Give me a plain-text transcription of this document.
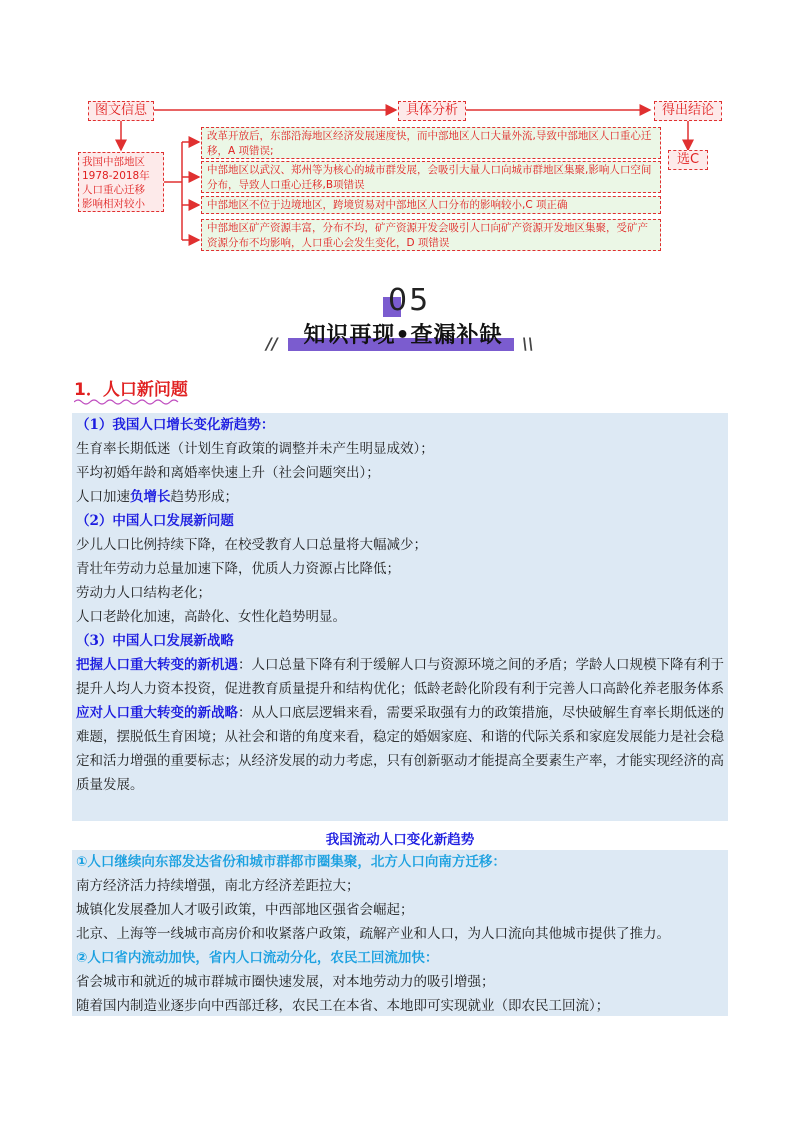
图文信息	具体分析	得出结论
我国中部地区
1978-2018年
人口重心迁移
影响相对较小
改革开放后，东部沿海地区经济发展速度快，而中部地区人口大量外流,导致中部地区人口重心迁移，A 项错误;
中部地区以武汉、郑州等为核心的城市群发展，会吸引大量人口向城市群地区集聚,影响人口空间分布，导致人口重心迁移,B项错误
中部地区不位于边境地区，跨境贸易对中部地区人口分布的影响较小,C 项正确
中部地区矿产资源丰富，分布不均，矿产资源开发会吸引人口向矿产资源开发地区集聚，受矿产资源分布不均影响，人口重心会发生变化，D 项错误
选C
05
//	\\
知识再现•查漏补缺
1．人口新问题
（1）我国人口增长变化新趋势：
生育率长期低迷（计划生育政策的调整并未产生明显成效）；
平均初婚年龄和离婚率快速上升（社会问题突出）；
人口加速负增长趋势形成；
（2）中国人口发展新问题
少儿人口比例持续下降，在校受教育人口总量将大幅减少；
青壮年劳动力总量加速下降，优质人力资源占比降低；
劳动力人口结构老化；
人口老龄化加速，高龄化、女性化趋势明显。
（3）中国人口发展新战略
把握人口重大转变的新机遇：人口总量下降有利于缓解人口与资源环境之间的矛盾；学龄人口规模下降有利于提升人均人力资本投资，促进教育质量提升和结构优化；低龄老龄化阶段有利于完善人口高龄化养老服务体系
应对人口重大转变的新战略：从人口底层逻辑来看，需要采取强有力的政策措施，尽快破解生育率长期低迷的难题，摆脱低生育困境；从社会和谐的角度来看，稳定的婚姻家庭、和谐的代际关系和家庭发展能力是社会稳定和活力增强的重要标志；从经济发展的动力考虑，只有创新驱动才能提高全要素生产率，才能实现经济的高质量发展。
我国流动人口变化新趋势
①人口继续向东部发达省份和城市群都市圈集聚，北方人口向南方迁移：
南方经济活力持续增强，南北方经济差距拉大；
城镇化发展叠加人才吸引政策，中西部地区强省会崛起；
北京、上海等一线城市高房价和收紧落户政策，疏解产业和人口，为人口流向其他城市提供了推力。
②人口省内流动加快，省内人口流动分化，农民工回流加快：
省会城市和就近的城市群城市圈快速发展，对本地劳动力的吸引增强；
随着国内制造业逐步向中西部迁移，农民工在本省、本地即可实现就业（即农民工回流）；
